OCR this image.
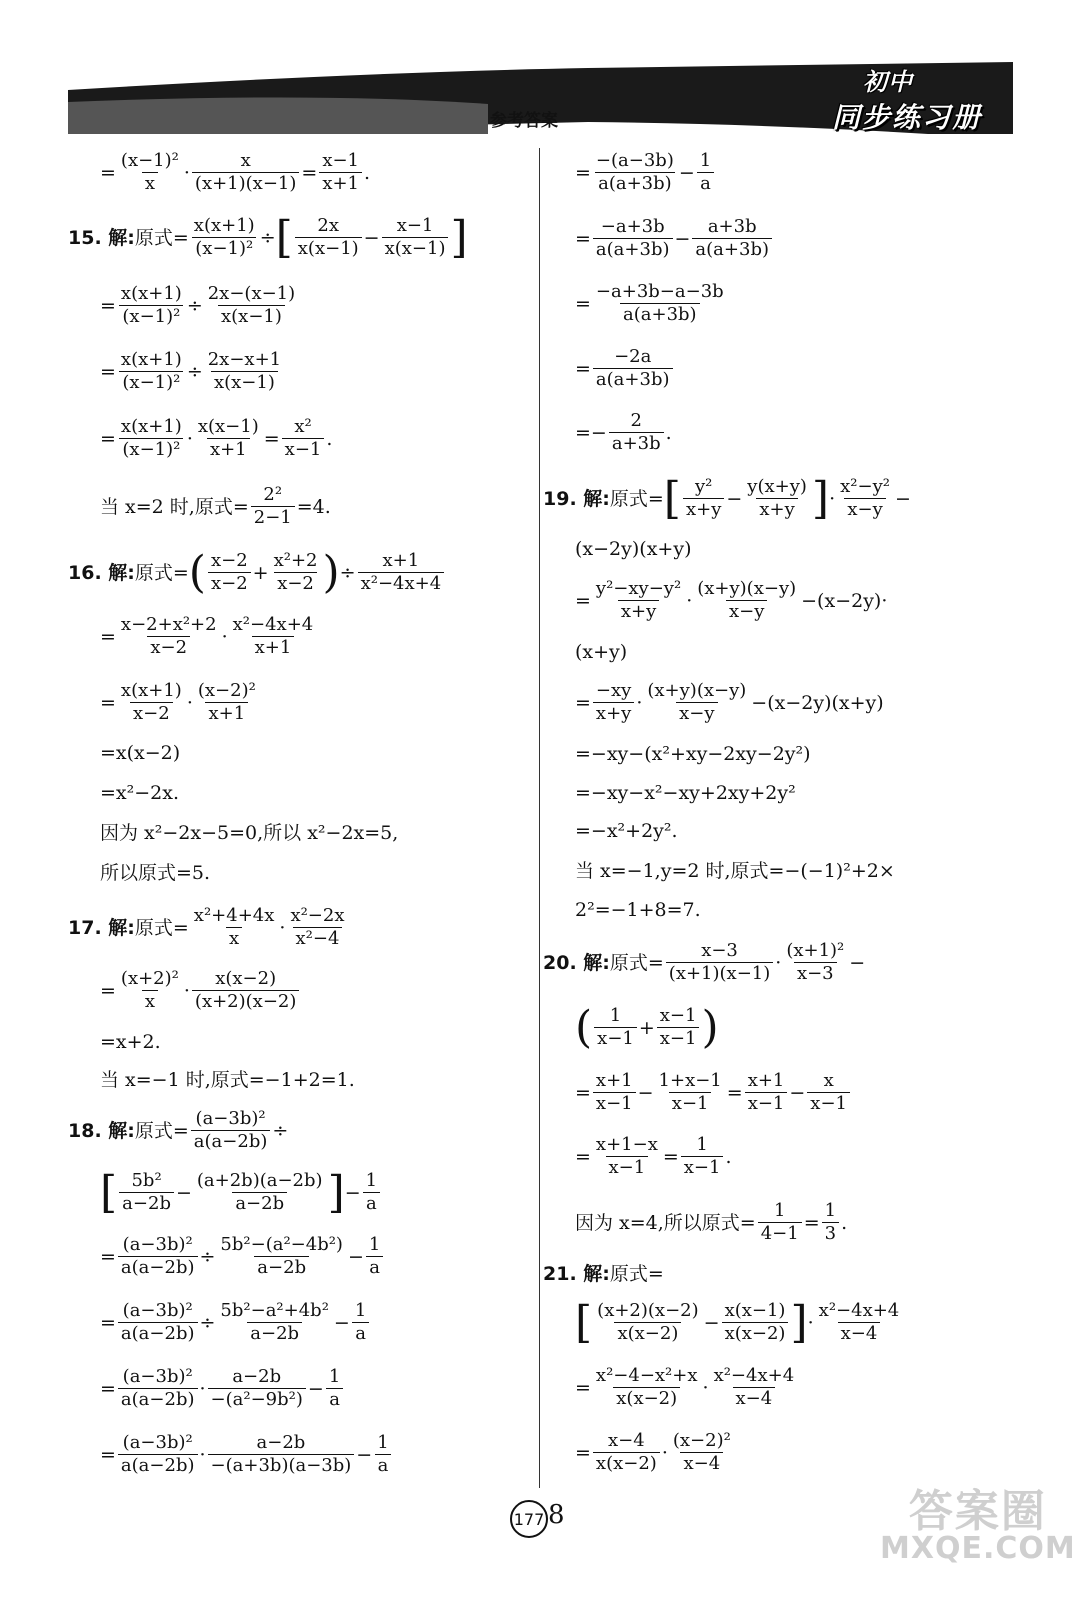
参考答案
初中
同步练习册
= $\frac{\text{(x−1)²}}{x} \cdot \frac{x}{(x+1)(x-1)} = \frac{x-1}{x+1}$ .
15. 解: 原式= $\frac{x(x+1)}{\text{(x−1)²}}$ ÷ [ $\frac{2x}{x(x-1)} - \frac{x-1}{x(x-1)}$ ]
= $\frac{x(x+1)}{\text{(x−1)²}} \div \frac{2x-(x-1)}{x(x-1)}$
= $\frac{x(x+1)}{\text{(x−1)²}} \div \frac{2x-x+1}{x(x-1)}$
= $\frac{x(x+1)}{\text{(x−1)²}} \cdot \frac{x(x-1)}{x+1} = \frac{\text{x²}}{x-1}$ .
当 x=2 时,原式= $\frac{\text{2²}}{2-1} =4$.
16. 解: 原式= ( $\frac{x-2}{x-2} + \frac{\text{x²+2}}{x-2}$ ) ÷ $\frac{x+1}{\text{x²−4x+4}}$
= $\frac{\text{x−2+x²+2}}{x-2} \cdot \frac{\text{x²−4x+4}}{x+1}$
= $\frac{x(x+1)}{x-2} \cdot \frac{\text{(x−2)²}}{x+1}$
=x(x−2)
=x²−2x.
因为 x²−2x−5=0,所以 x²−2x=5,
所以原式=5.
17. 解: 原式= $\frac{\text{x²+4+4x}}{x} \cdot \frac{\text{x²−2x}}{\text{x²−4}}$
= $\frac{\text{(x+2)²}}{x} \cdot \frac{x(x-2)}{(x+2)(x-2)}$
=x+2.
当 x=−1 时,原式=−1+2=1.
18. 解: 原式= $\frac{\text{(a−3b)²}}{a(a-2b)}$ ÷
[ $\frac{\text{5b²}}{a-2b} - \frac{(a+2b)(a-2b)}{a-2b}$ ] − $\frac{1}{a}$
= $\frac{\text{(a−3b)²}}{a(a-2b)} \div \frac{\text{5b²−(a²−4b²)}}{a-2b} - \frac{1}{a}$
= $\frac{\text{(a−3b)²}}{a(a-2b)} \div \frac{\text{5b²−a²+4b²}}{a-2b} - \frac{1}{a}$
= $\frac{\text{(a−3b)²}}{a(a-2b)} \cdot \frac{a-2b}{\text{−(a²−9b²)}} - \frac{1}{a}$
= $\frac{\text{(a−3b)²}}{a(a-2b)} \cdot \frac{a-2b}{-(a+3b)(a-3b)} - \frac{1}{a}$
= $\frac{-(a-3b)}{a(a+3b)} - \frac{1}{a}$
= $\frac{-a+3b}{a(a+3b)} - \frac{a+3b}{a(a+3b)}$
= $\frac{-a+3b-a-3b}{a(a+3b)}$
= $\frac{-2a}{a(a+3b)}$
=− $\frac{2}{a+3b}$ .
19. 解: 原式= [ $\frac{\text{y²}}{x+y} - \frac{y(x+y)}{x+y}$ ] · $\frac{\text{x²−y²}}{x-y}$ −
(x−2y)(x+y)
= $\frac{\text{y²−xy−y²}}{x+y} \cdot \frac{(x+y)(x-y)}{x-y} -(x-2y)\cdot$
(x+y)
= $\frac{-xy}{x+y} \cdot \frac{(x+y)(x-y)}{x-y} -(x-2y)(x+y)$
=−xy−(x²+xy−2xy−2y²)
=−xy−x²−xy+2xy+2y²
=−x²+2y².
当 x=−1,y=2 时,原式=−(−1)²+2×
2²=−1+8=7.
20. 解: 原式= $\frac{x-3}{(x+1)(x-1)} \cdot \frac{\text{(x+1)²}}{x-3}$ −
( $\frac{1}{x-1} + \frac{x-1}{x-1}$ )
= $\frac{x+1}{x-1} - \frac{1+x-1}{x-1} = \frac{x+1}{x-1} - \frac{x}{x-1}$
= $\frac{x+1-x}{x-1} = \frac{1}{x-1}$ .
因为 x=4,所以原式= $\frac{1}{4-1} = \frac{1}{3}$ .
21. 解: 原式=
[ $\frac{(x+2)(x-2)}{x(x-2)} - \frac{x(x-1)}{x(x-2)}$ ] · $\frac{\text{x²−4x+4}}{x-4}$
= $\frac{\text{x²−4−x²+x}}{x(x-2)} \cdot \frac{\text{x²−4x+4}}{x-4}$
= $\frac{x-4}{x(x-2)} \cdot \frac{\text{(x−2)²}}{x-4}$
177 8	答案圈
MXQE.COM
